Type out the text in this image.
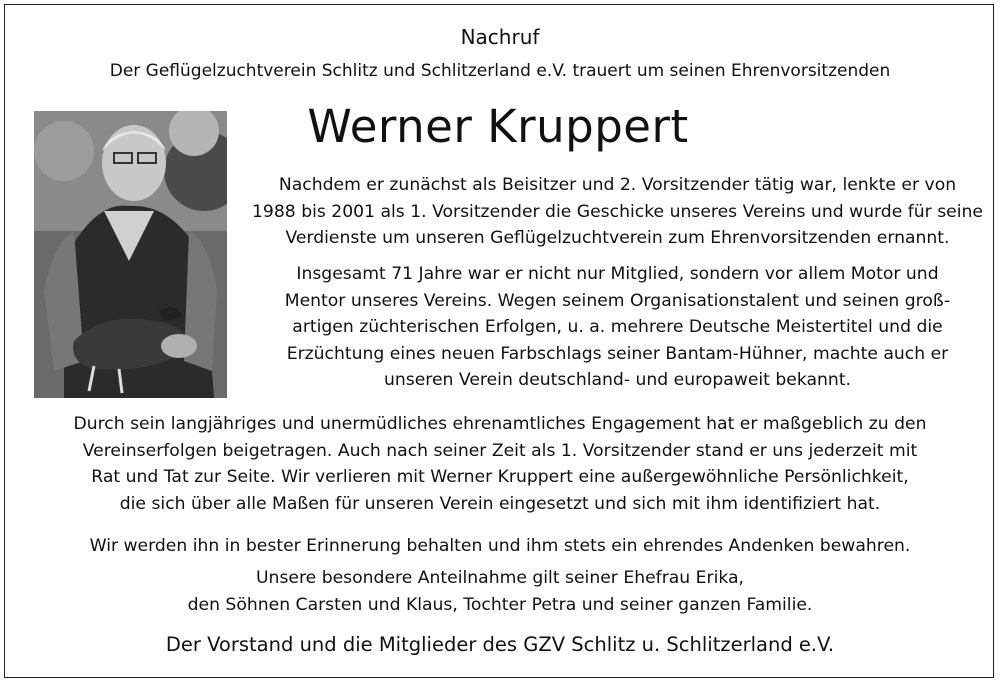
Nachruf
Der Geflügelzuchtverein Schlitz und Schlitzerland e.V. trauert um seinen Ehrenvorsitzenden
Werner Kruppert
Nachdem er zunächst als Beisitzer und 2. Vorsitzender tätig war, lenkte er von
1988 bis 2001 als 1. Vorsitzender die Geschicke unseres Vereins und wurde für seine
Verdienste um unseren Geflügelzuchtverein zum Ehrenvorsitzenden ernannt.
Insgesamt 71 Jahre war er nicht nur Mitglied, sondern vor allem Motor und
Mentor unseres Vereins. Wegen seinem Organisationstalent und seinen groß-
artigen züchterischen Erfolgen, u. a. mehrere Deutsche Meistertitel und die
Erzüchtung eines neuen Farbschlags seiner Bantam-Hühner, machte auch er
unseren Verein deutschland- und europaweit bekannt.
Durch sein langjähriges und unermüdliches ehrenamtliches Engagement hat er maßgeblich zu den
Vereinserfolgen beigetragen. Auch nach seiner Zeit als 1. Vorsitzender stand er uns jederzeit mit
Rat und Tat zur Seite. Wir verlieren mit Werner Kruppert eine außergewöhnliche Persönlichkeit,
die sich über alle Maßen für unseren Verein eingesetzt und sich mit ihm identifiziert hat.
Wir werden ihn in bester Erinnerung behalten und ihm stets ein ehrendes Andenken bewahren.
Unsere besondere Anteilnahme gilt seiner Ehefrau Erika,
den Söhnen Carsten und Klaus, Tochter Petra und seiner ganzen Familie.
Der Vorstand und die Mitglieder des GZV Schlitz u. Schlitzerland e.V.
